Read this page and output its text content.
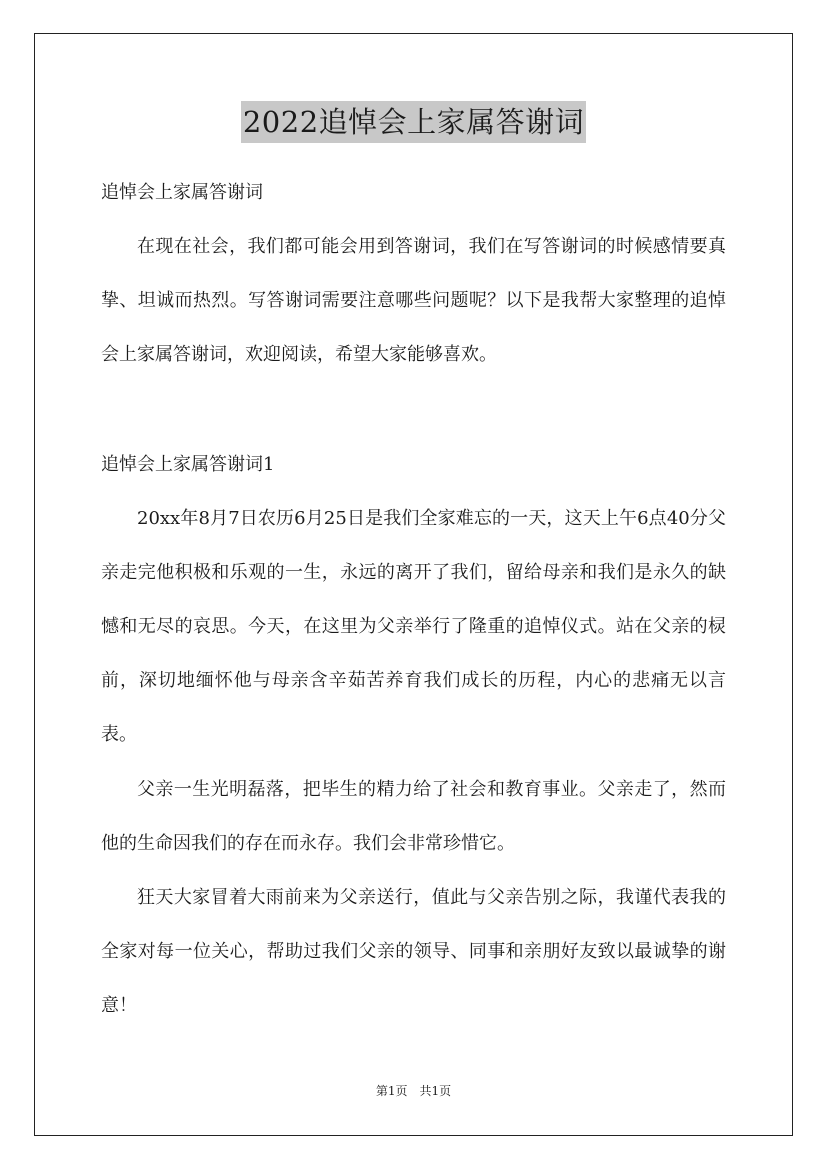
2022追悼会上家属答谢词
追悼会上家属答谢词

在现在社会，我们都可能会用到答谢词，我们在写答谢词的时候感情要真挚、坦诚而热烈。写答谢词需要注意哪些问题呢？以下是我帮大家整理的追悼会上家属答谢词，欢迎阅读，希望大家能够喜欢。

追悼会上家属答谢词1

20xx年8月7日农历6月25日是我们全家难忘的一天，这天上午6点40分父亲走完他积极和乐观的一生，永远的离开了我们，留给母亲和我们是永久的缺憾和无尽的哀思。今天，在这里为父亲举行了隆重的追悼仪式。站在父亲的棂前，深切地缅怀他与母亲含辛茹苦养育我们成长的历程，内心的悲痛无以言表。

父亲一生光明磊落，把毕生的精力给了社会和教育事业。父亲走了，然而他的生命因我们的存在而永存。我们会非常珍惜它。

狂天大家冒着大雨前来为父亲送行，值此与父亲告别之际，我谨代表我的全家对每一位关心，帮助过我们父亲的领导、同事和亲朋好友致以最诚挚的谢意！

第1页 共1页
